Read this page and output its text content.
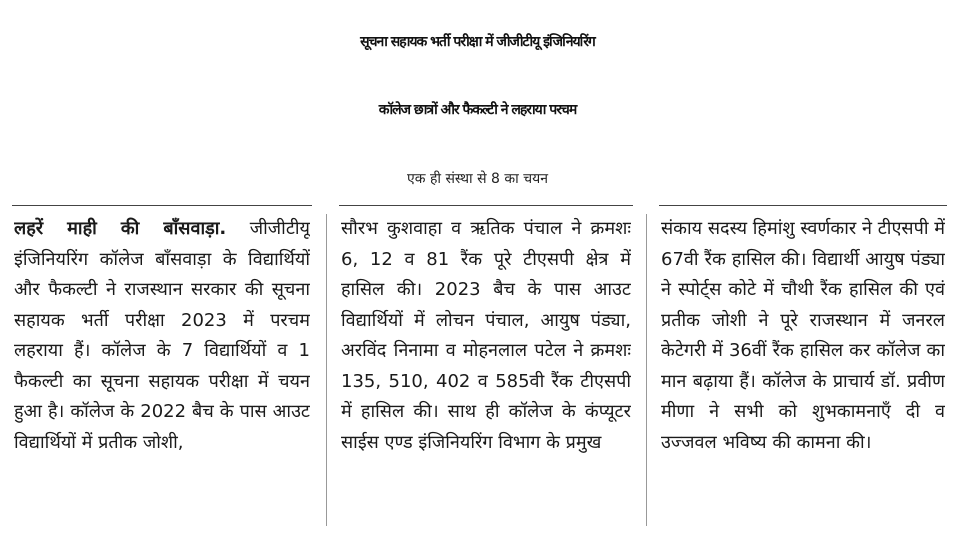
सूचना सहायक भर्ती परीक्षा में जीजीटीयू इंजिनियरिंग
कॉलेज छात्रों और फैकल्टी ने लहराया परचम
एक ही संस्था से 8 का चयन

लहरें माही की बाँसवाड़ा. जीजीटीयू इंजिनियरिंग कॉलेज बाँसवाड़ा के विद्यार्थियों और फैकल्टी ने राजस्थान सरकार की सूचना सहायक भर्ती परीक्षा 2023 में परचम लहराया हैं। कॉलेज के 7 विद्यार्थियों व 1 फैकल्टी का सूचना सहायक परीक्षा में चयन हुआ है। कॉलेज के 2022 बैच के पास आउट विद्यार्थियों में प्रतीक जोशी,

सौरभ कुशवाहा व ऋतिक पंचाल ने क्रमशः 6, 12 व 81 रैंक पूरे टीएसपी क्षेत्र में हासिल की। 2023 बैच के पास आउट विद्यार्थियों में लोचन पंचाल, आयुष पंड्या, अरविंद निनामा व मोहनलाल पटेल ने क्रमशः 135, 510, 402 व 585वी रैंक टीएसपी में हासिल की। साथ ही कॉलेज के कंप्यूटर साईस एण्ड इंजिनियरिंग विभाग के प्रमुख

संकाय सदस्य हिमांशु स्वर्णकार ने टीएसपी में 67वी रैंक हासिल की। विद्यार्थी आयुष पंड्या ने स्पोर्ट्स कोटे में चौथी रैंक हासिल की एवं प्रतीक जोशी ने पूरे राजस्थान में जनरल केटेगरी में 36वीं रैंक हासिल कर कॉलेज का मान बढ़ाया हैं। कॉलेज के प्राचार्य डॉ. प्रवीण मीणा ने सभी को शुभकामनाएँ दी व उज्जवल भविष्य की कामना की।
